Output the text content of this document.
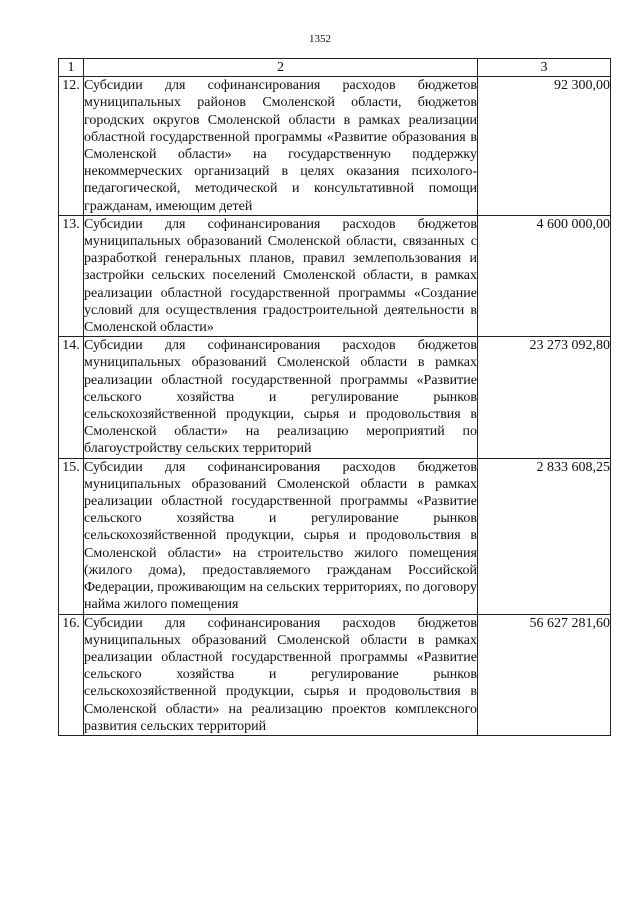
1352
1	2	3
12.	Субсидии для софинансирования расходов бюджетов муниципальных районов Смоленской области, бюджетов городских округов Смоленской области в рамках реализации областной государственной программы «Развитие образования в Смоленской области» на государственную поддержку некоммерческих организаций в целях оказания психолого-педагогической, методической и консультативной помощи гражданам, имеющим детей	92 300,00
13.	Субсидии для софинансирования расходов бюджетов муниципальных образований Смоленской области, связанных с разработкой генеральных планов, правил землепользования и застройки сельских поселений Смоленской области, в рамках реализации областной государственной программы «Создание условий для осуществления градостроительной деятельности в Смоленской области»	4 600 000,00
14.	Субсидии для софинансирования расходов бюджетов муниципальных образований Смоленской области в рамках реализации областной государственной программы «Развитие сельского хозяйства и регулирование рынков сельскохозяйственной продукции, сырья и продовольствия в Смоленской области» на реализацию мероприятий по благоустройству сельских территорий	23 273 092,80
15.	Субсидии для софинансирования расходов бюджетов муниципальных образований Смоленской области в рамках реализации областной государственной программы «Развитие сельского хозяйства и регулирование рынков сельскохозяйственной продукции, сырья и продовольствия в Смоленской области» на строительство жилого помещения (жилого дома), предоставляемого гражданам Российской Федерации, проживающим на сельских территориях, по договору найма жилого помещения	2 833 608,25
16.	Субсидии для софинансирования расходов бюджетов муниципальных образований Смоленской области в рамках реализации областной государственной программы «Развитие сельского хозяйства и регулирование рынков сельскохозяйственной продукции, сырья и продовольствия в Смоленской области» на реализацию проектов комплексного развития сельских территорий	56 627 281,60
